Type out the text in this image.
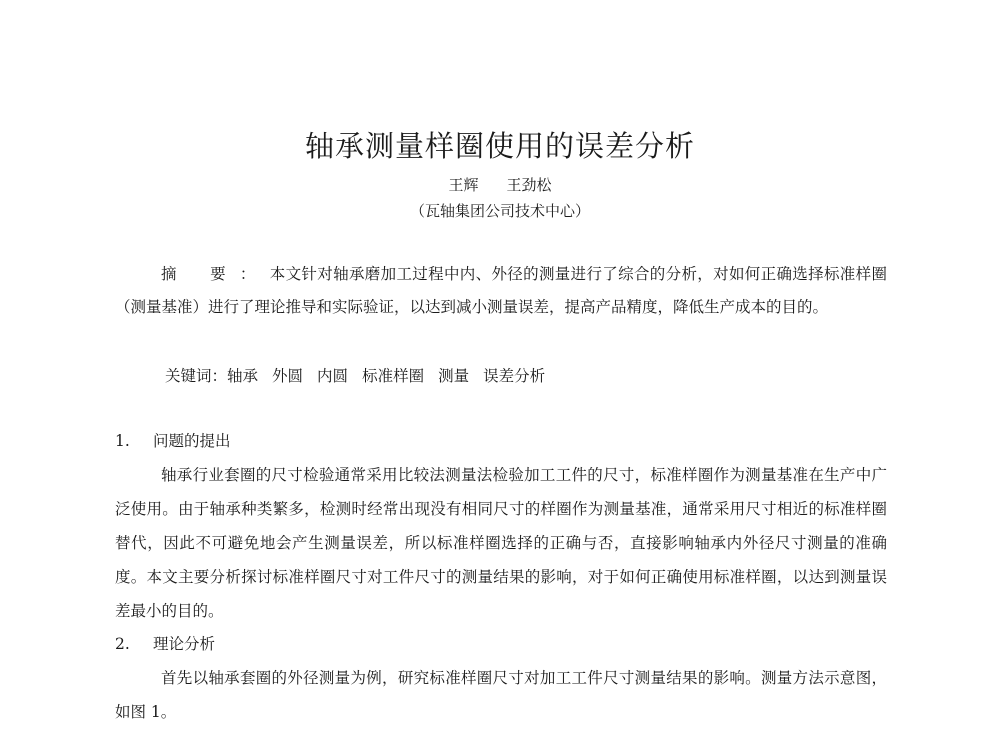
轴承测量样圈使用的误差分析
王辉 王劲松
（瓦轴集团公司技术中心）

摘 要：本文针对轴承磨加工过程中内、外径的测量进行了综合的分析，对如何正确选择标准样圈（测量基准）进行了理论推导和实际验证，以达到减小测量误差，提高产品精度，降低生产成本的目的。

关键词：轴承 外圆 内圆 标准样圈 测量 误差分析

1. 问题的提出

轴承行业套圈的尺寸检验通常采用比较法测量法检验加工工件的尺寸，标准样圈作为测量基准在生产中广泛使用。由于轴承种类繁多，检测时经常出现没有相同尺寸的样圈作为测量基准，通常采用尺寸相近的标准样圈替代，因此不可避免地会产生测量误差，所以标准样圈选择的正确与否，直接影响轴承内外径尺寸测量的准确度。本文主要分析探讨标准样圈尺寸对工件尺寸的测量结果的影响，对于如何正确使用标准样圈，以达到测量误差最小的目的。

2. 理论分析

首先以轴承套圈的外径测量为例，研究标准样圈尺寸对加工工件尺寸测量结果的影响。测量方法示意图，如图 1。
